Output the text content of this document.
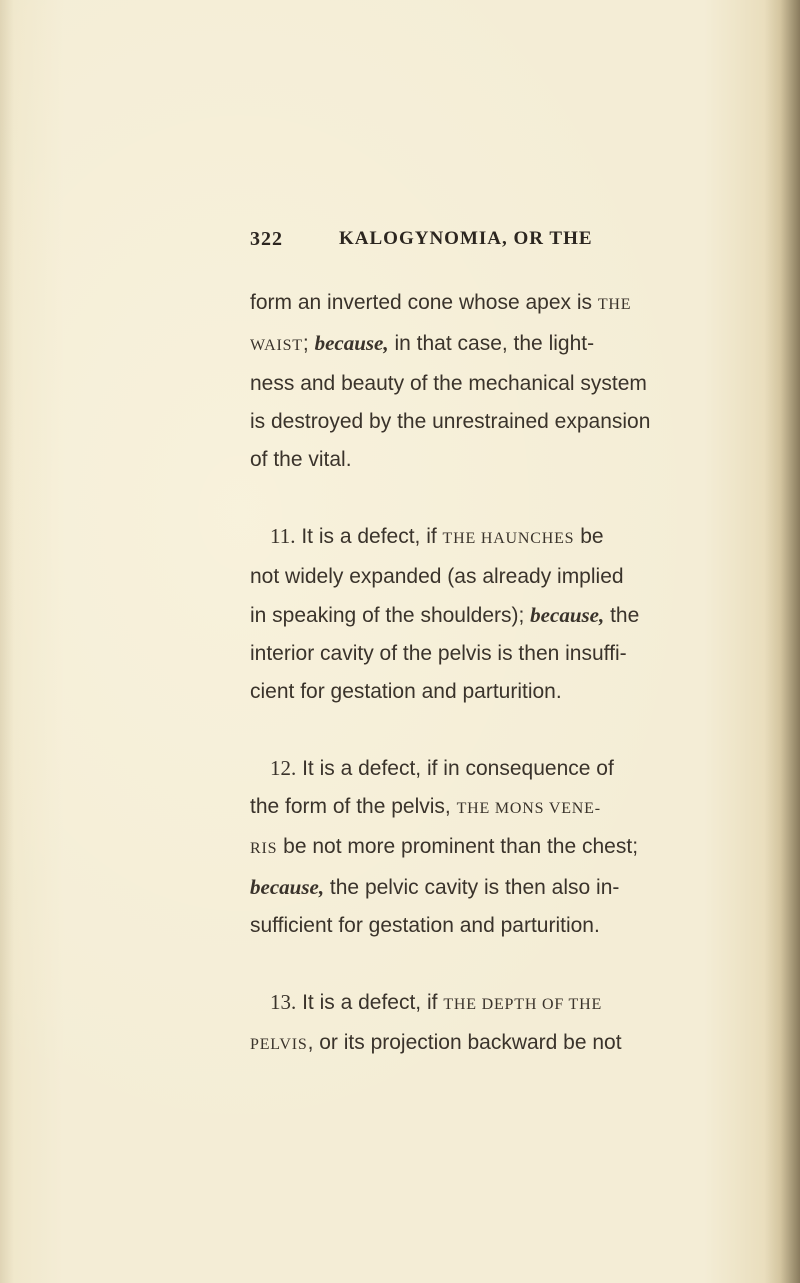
322	KALOGYNOMIA, OR THE

form an inverted cone whose apex is THE
WAIST; because, in that case, the light-
ness and beauty of the mechanical system
is destroyed by the unrestrained expansion
of the vital.

11. It is a defect, if THE HAUNCHES be
not widely expanded (as already implied
in speaking of the shoulders); because, the
interior cavity of the pelvis is then insuffi-
cient for gestation and parturition.

12. It is a defect, if in consequence of
the form of the pelvis, THE MONS VENE-
RIS be not more prominent than the chest;
because, the pelvic cavity is then also in-
sufficient for gestation and parturition.

13. It is a defect, if THE DEPTH OF THE
PELVIS, or its projection backward be not
